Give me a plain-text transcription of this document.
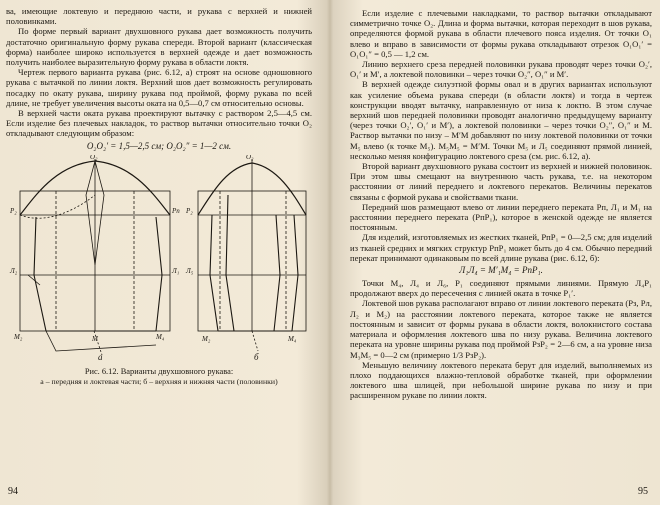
ва, имеющие локтевую и переднюю части, и рукава с верхней и нижней половинками.

По форме первый вариант двухшовного рукава дает возможность получить достаточно оригинальную форму рукава спереди. Второй вариант (классическая форма) наиболее широко используется в верхней одежде и дает возможность получить наиболее выразительную форму рукава в области локтя.

Чертеж первого варианта рукава (рис. 6.12, а) строят на основе одношовного рукава с вытачкой по линии локтя. Верхний шов дает возможность регулировать посадку по окату рукава, ширину рукава под проймой, форму рукава по всей длине, не требует увеличения высоты оката на 0,5—0,7 см относительно основы.

В верхней части оката рукава проектируют вытачку с раствором 2,5—4,5 см. Если изделие без плечевых накладок, то раствор вытачки относительно точки O₂ откладывают следующим образом:

O₂O₂′ = 1,5—2,5 см; O₂O₂″ = 1—2 см.
O₂
P₂	Pп
Л₂	Л₁
M₂	M	M₄
O₂
P₂
Л₅
M₂	M₄
а	б
Рис. 6.12. Варианты двухшовного рукава:
а – передняя и локтевая части; б – верхняя и нижняя части (половинки)
94

Если изделие с плечевыми накладками, то раствор вытачки откладывают симметрично точке O₂. Длина и форма вытачки, которая переходит в шов рукава, определяются формой рукава в области плечевого пояса изделия. От точки O₁ влево и вправо в зависимости от формы рукава откладывают отрезок O₁O₁′ = O₁O₁″ = 0,5 — 1,2 см.

Линию верхнего среза передней половинки рукава проводят через точки O₂′, O₁′ и M′, а локтевой половинки – через точки O₂″, O₁″ и M′.

В верхней одежде силуэтной формы овал и в других вариантах используют как усиление объема рукава спереди (в области локтя) и тогда в чертеж конструкции вводят вытачку, направленную от низа к локтю. В этом случае верхний шов передней половинки проводят аналогично предыдущему варианту (через точки O₂′, O₁′ и M′), а локтевой половинки – через точки O₂″, O₁″ и M. Раствор вытачки по низу – M′M добавляют по низу локтевой половинки от точки M₅ влево (к точке M₅). М₅M₅ = M′M. Точки M₅ и Л₅ соединяют прямой линией, несколько меняя конфигурацию локтевого среза (см. рис. 6.12, а).

Второй вариант двухшовного рукава состоит из верхней и нижней половинок. При этом швы смещают на внутреннюю часть рукава, т.е. на некотором расстоянии от линий переднего и локтевого перекатов. Величины перекатов связаны с формой рукава и свойствами ткани.

Передний шов размещают влево от линии переднего переката Pп, Л₁ и M₁ на расстоянии переднего переката (PпP₁), которое в женской одежде не является постоянным.

Для изделий, изготовляемых из жестких тканей, PпP₁ = 0—2,5 см; для изделий из тканей средних и мягких структур PпP₁ может быть до 4 см. Обычно передний перекат принимают одинаковым по всей длине рукава (рис. 6.12, б):

Л₁Л₄ = M′₁M₄ = PпP₁.

Точки M₄, Л₄ и Л₆, P₁ соединяют прямыми линиями. Прямую Л₄P₁ продолжают вверх до пересечения с линией оката в точке P₁′.

Локтевой шов рукава располагают вправо от линии локтевого переката (Pз, Pл, Л₂ и M₂) на расстоянии локтевого переката, которое также не является постоянным и зависит от формы рукава в области локтя, волокнистого состава материала и оформления локтевого шва по низу рукава. Величина локтевого переката на уровне ширины рукава под проймой PзP₂ = 2—6 см, а на уровне низа M₃M₅ = 0—2 см (примерно 1/3 PзP₂).

Меньшую величину локтевого переката берут для изделий, выполняемых из плохо поддающихся влажно-тепловой обработке тканей, при оформлении локтевого шва шлицей, при небольшой ширине рукава по низу и при расширенном рукаве по линии локтя.

95
